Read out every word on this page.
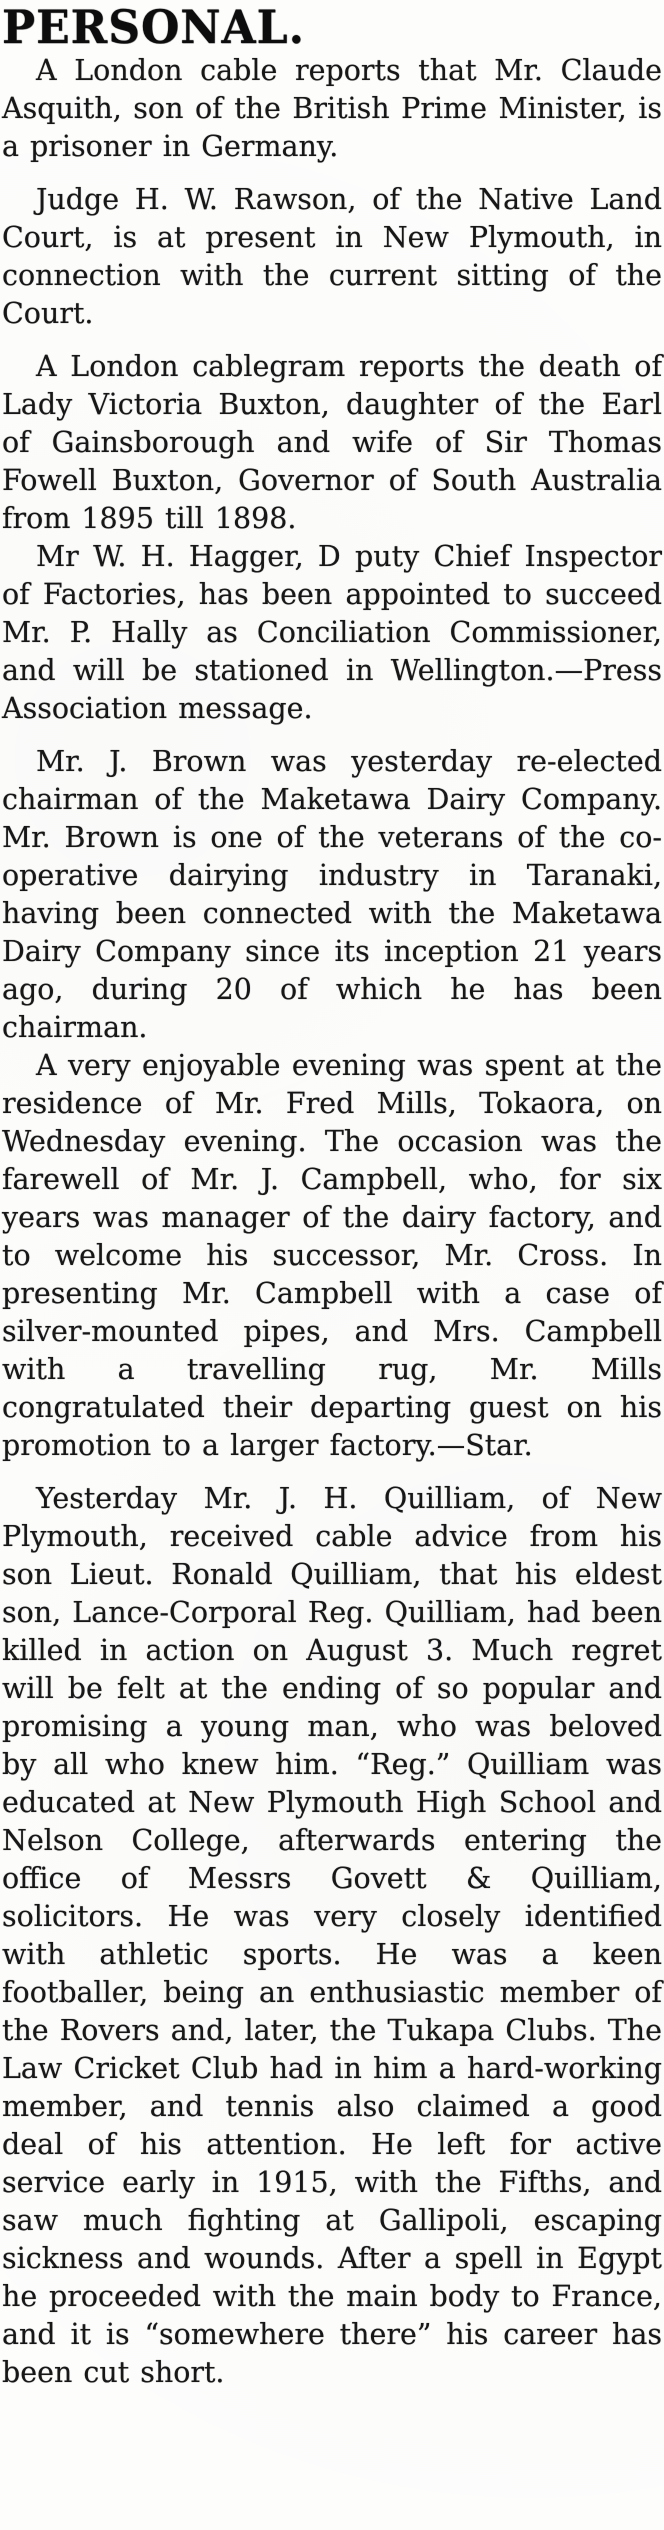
PERSONAL.

A London cable reports that Mr. Claude Asquith, son of the British Prime Minister, is a prisoner in Germany.

Judge H. W. Rawson, of the Native Land Court, is at present in New Plymouth, in connection with the current sitting of the Court.

A London cablegram reports the death of Lady Victoria Buxton, daughter of the Earl of Gainsborough and wife of Sir Thomas Fowell Buxton, Governor of South Australia from 1895 till 1898.

Mr W. H. Hagger, D puty Chief Inspector of Factories, has been appointed to succeed Mr. P. Hally as Conciliation Commissioner, and will be stationed in Wellington.—Press Association message.

Mr. J. Brown was yesterday re-elected chairman of the Maketawa Dairy Company. Mr. Brown is one of the veterans of the co-operative dairying industry in Taranaki, having been connected with the Maketawa Dairy Company since its inception 21 years ago, during 20 of which he has been chairman.

A very enjoyable evening was spent at the residence of Mr. Fred Mills, Tokaora, on Wednesday evening. The occasion was the farewell of Mr. J. Campbell, who, for six years was manager of the dairy factory, and to welcome his successor, Mr. Cross. In presenting Mr. Campbell with a case of silver-mounted pipes, and Mrs. Campbell with a travelling rug, Mr. Mills congratulated their departing guest on his promotion to a larger factory.—Star.

Yesterday Mr. J. H. Quilliam, of New Plymouth, received cable advice from his son Lieut. Ronald Quilliam, that his eldest son, Lance-Corporal Reg. Quilliam, had been killed in action on August 3. Much regret will be felt at the ending of so popular and promising a young man, who was beloved by all who knew him. “Reg.” Quilliam was educated at New Plymouth High School and Nelson College, afterwards entering the office of Messrs Govett & Quilliam, solicitors. He was very closely identified with athletic sports. He was a keen footballer, being an enthusiastic member of the Rovers and, later, the Tukapa Clubs. The Law Cricket Club had in him a hard-working member, and tennis also claimed a good deal of his attention. He left for active service early in 1915, with the Fifths, and saw much fighting at Gallipoli, escaping sickness and wounds. After a spell in Egypt he proceeded with the main body to France, and it is “somewhere there” his career has been cut short.
